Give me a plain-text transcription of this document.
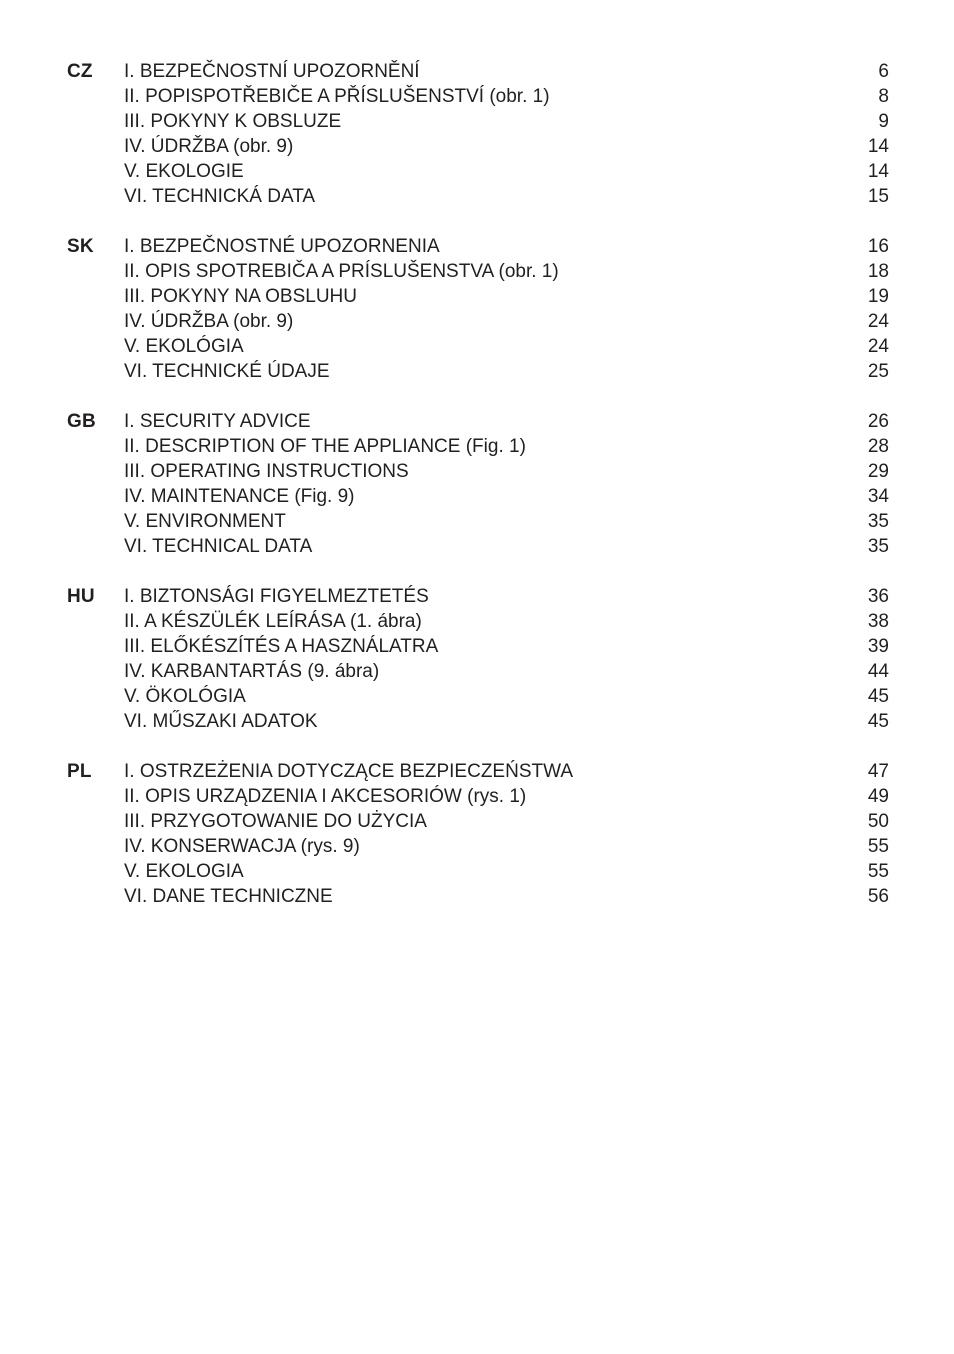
CZ I. BEZPEČNOSTNÍ UPOZORNĚNÍ	6
II. POPISPOTŘEBIČE A PŘÍSLUŠENSTVÍ (obr. 1)	8
III. POKYNY K OBSLUZE	9
IV. ÚDRŽBA (obr. 9)	14
V. EKOLOGIE	14
VI. TECHNICKÁ DATA	15
SK I. BEZPEČNOSTNÉ UPOZORNENIA	16
II. OPIS SPOTREBIČA A PRÍSLUŠENSTVA (obr. 1)	18
III. POKYNY NA OBSLUHU	19
IV. ÚDRŽBA (obr. 9)	24
V. EKOLÓGIA	24
VI. TECHNICKÉ ÚDAJE	25
GB I. SECURITY ADVICE	26
II. DESCRIPTION OF THE APPLIANCE (Fig. 1)	28
III. OPERATING INSTRUCTIONS	29
IV. MAINTENANCE (Fig. 9)	34
V. ENVIRONMENT	35
VI. TECHNICAL DATA	35
HU I. BIZTONSÁGI FIGYELMEZTETÉS	36
II. A KÉSZÜLÉK LEÍRÁSA (1. ábra)	38
III. ELŐKÉSZÍTÉS A HASZNÁLATRA	39
IV. KARBANTARTÁS (9. ábra)	44
V. ÖKOLÓGIA	45
VI. MŰSZAKI ADATOK	45
PL I. OSTRZEŻENIA DOTYCZĄCE BEZPIECZEŃSTWA	47
II. OPIS URZĄDZENIA I AKCESORIÓW (rys. 1)	49
III. PRZYGOTOWANIE DO UŻYCIA	50
IV. KONSERWACJA (rys. 9)	55
V. EKOLOGIA	55
VI. DANE TECHNICZNE	56
